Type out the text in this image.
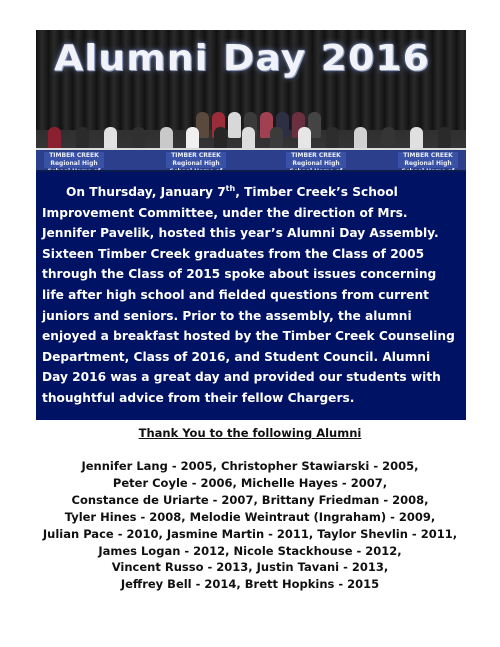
Alumni Day 2016
TIMBER CREEK Regional High
TIMBER CREEK Regional High
TIMBER CREEK Regional High
TIMBER CREEK Regional High

On Thursday, January 7th, Timber Creek’s School Improvement Committee, under the direction of Mrs. Jennifer Pavelik, hosted this year’s Alumni Day Assembly. Sixteen Timber Creek graduates from the Class of 2005 through the Class of 2015 spoke about issues concerning life after high school and fielded questions from current juniors and seniors. Prior to the assembly, the alumni enjoyed a breakfast hosted by the Timber Creek Counseling Department, Class of 2016, and Student Council. Alumni Day 2016 was a great day and provided our students with thoughtful advice from their fellow Chargers.

Thank You to the following Alumni
Jennifer Lang - 2005, Christopher Stawiarski - 2005,
Peter Coyle - 2006, Michelle Hayes - 2007,
Constance de Uriarte - 2007, Brittany Friedman - 2008,
Tyler Hines - 2008, Melodie Weintraut (Ingraham) - 2009,
Julian Pace - 2010, Jasmine Martin - 2011, Taylor Shevlin - 2011,
James Logan - 2012, Nicole Stackhouse - 2012,
Vincent Russo - 2013, Justin Tavani - 2013,
Jeffrey Bell - 2014, Brett Hopkins - 2015
